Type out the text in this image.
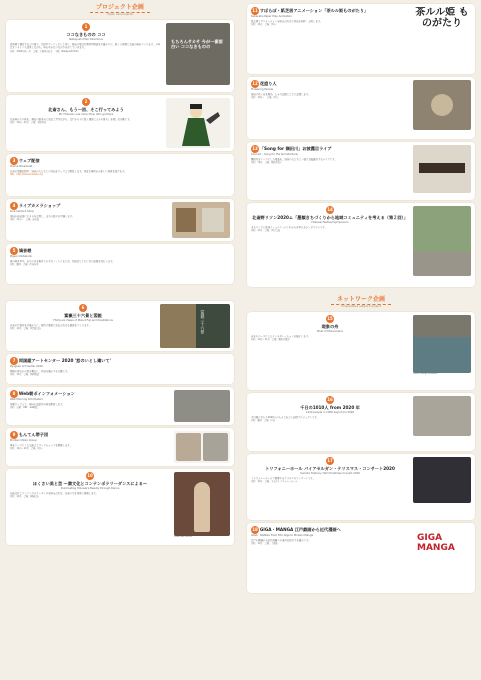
プロジェクト企画
Open call projects
1
ココなきものの ココ
Nakayoshi Hiko Directions
長時間で運営する会の場で、住民やアーティストと共に、地域の身近な素材や物語を手掛かりに、新しい表現と交流の場をつくります。今年はオンラインも活用しながら、ゆるやかなつながりを育てていきます。
日時：2020年秋〜冬　会場：台東区内ほか　主催：Nakayoshi Hiko
もちろんサカサ 今が一番面白い ココなきものの
2
北斎さん、もう一回、そこ行ってみよう
Mr. Hokusai, one more time, let's go there
北斎ゆかりの地を、現在の街並みと重ねて歩きながら、江戸から今に続く風景と人々の暮らしを楽しむ企画です。
日時：10月〜12月　会場：墨田区内
3 ウェブ配信
Online Broadcast
北斎の活動記録や、地域の人たちとの対話をウェブ上で配信します。身近な場所から新しい発見を届けます。
URL：http://www.example.org
4 ライブカメラショップ
Live Camera Shop
地域の商店街にカメラを設置し、まちの様子を中継します。
日時：11月〜　会場：商店街
5 鳩音帳
Pigeon Notebook
鳩の鳴き声や、まちの音を集めて小さなノートにまとめ、参加者とともに音の記憶を共有します。
日時：随時　会場：区内各所
6
富嶽三十六景と図説
Thirty-six Views of Mount Fuji and Illustrations
北斎の代表作を手掛かりに、現代の風景と重ね合わせる図説をつくります。
日時：12月　会場：図書館ほか	富嶽三十六景
7 両国縦アートセンター 2020 '窓のいとし違いて'
Ryogoku Art Center 2020
両国の街なかの窓を舞台に、作品を展示する企画です。
日時：11月　会場：両国周辺
8 Web朝ポインフォメーション
Web Morning Information
毎朝ウェブ上で、地域の話題や告知を配信します。
日時：毎朝　URL：web配信
9 もんてん帯子団
Monten Obiko Group
帯をテーマにした交流会とワークショップを開催します。
日時：11月〜12月　会場：区内
10
ほくさい美と芸 〜粛文化とコンテンポラリーダンスによる〜
Illuminating Hokusai's Beauty through Dance
伝統文化とコンテンポラリーダンスを組み合わせ、北斎の美を身体で表現します。
日時：12月　会場：劇場ほか
Photo: Aki Kimura
11 すばらぼ・紙芝居アニメーション「茶ルル姫ものがたり」
Subarabo Paper Play Animation
紙芝居とアニメーションを組み合わせた作品を制作・上映します。
日時：11月　会場：区内
茶ルル姫 ものがたり
12 花盛り人
Flowering People
地域に咲く花を集め、人々の記憶とともに記録します。
日時：10月〜　会場：区内
13 「Song for 隅田川」お披露目ライブ
Concert – Song for the Sumida River
隅田川をテーマにした楽曲を、地域の人たちと一緒にお披露目するライブです。
日時：12月　会場：隅田川沿い
14
北斎野リソン2020ム「墨額きちづくりから地域コミュニティを考える（第２回）」
Hokusai Festival Symposium
まちづくりと地域コミュニティのこれからを考えるシンポジウムです。
日時：11月　会場：区民会館
ネットワーク企画
Cooperative network project
15
現象の舟
Boat of Phenomena
舟をモチーフにしたインスタレーションを展示します。
日時：10月〜11月　会場：隅田川周辺
Photo: George Mcnnaled
16
千日の1010人 from 2020 年
1010 people in 1000 days from 2020
千日間にわたり1010人の人々と出会う記録プロジェクトです。
日時：随時　会場：区内
17
トリフォニーホール バイアセルガン・テリスマス・コンサート2020
Sumida Triphony Hall Christmas Concert 2020
トリフォニーホールで開催するクリスマスコンサートです。
日時：12月　会場：すみだトリフォニーホール
18 GIGA・MANGA 江戸戯画から近代漫画へ
GIGA・MANGA From Edo Giga to Modern Manga
江戸の戯画から近代漫画への流れを紹介する展示です。
日時：12月　会場：美術館
GIGA MANGA
